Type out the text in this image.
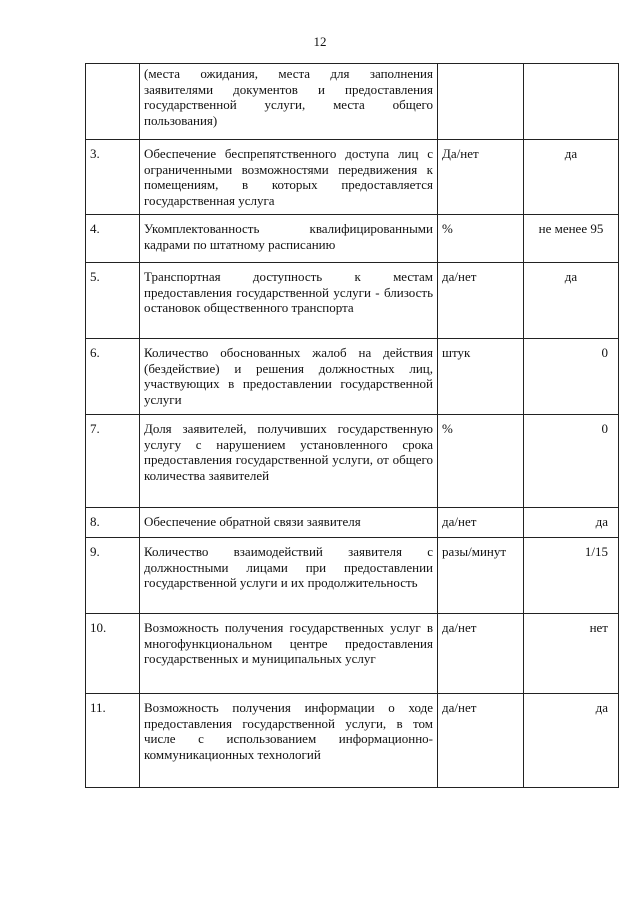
12
	(места ожидания, места для заполнения заявителями документов и предоставления государственной услуги, места общего пользования)		
3.	Обеспечение беспрепятственного доступа лиц с ограниченными возможностями передвижения к помещениям, в которых предоставляется государственная услуга	Да/нет	да
4.	Укомплектованность квалифицированными кадрами по штатному расписанию	%	не менее 95
5.	Транспортная доступность к местам предоставления государственной услуги - близость остановок общественного транспорта	да/нет	да
6.	Количество обоснованных жалоб на действия (бездействие) и решения должностных лиц, участвующих в предоставлении государственной услуги	штук	0
7.	Доля заявителей, получивших государственную услугу с нарушением установленного срока предоставления государственной услуги, от общего количества заявителей	%	0
8.	Обеспечение обратной связи заявителя	да/нет	да
9.	Количество взаимодействий заявителя с должностными лицами при предоставлении государственной услуги и их продолжительность	разы/минут	1/15
10.	Возможность получения государственных услуг в многофункциональном центре предоставления государственных и муниципальных услуг	да/нет	нет
11.	Возможность получения информации о ходе предоставления государственной услуги, в том числе с использованием информационно-коммуникационных технологий	да/нет	да
